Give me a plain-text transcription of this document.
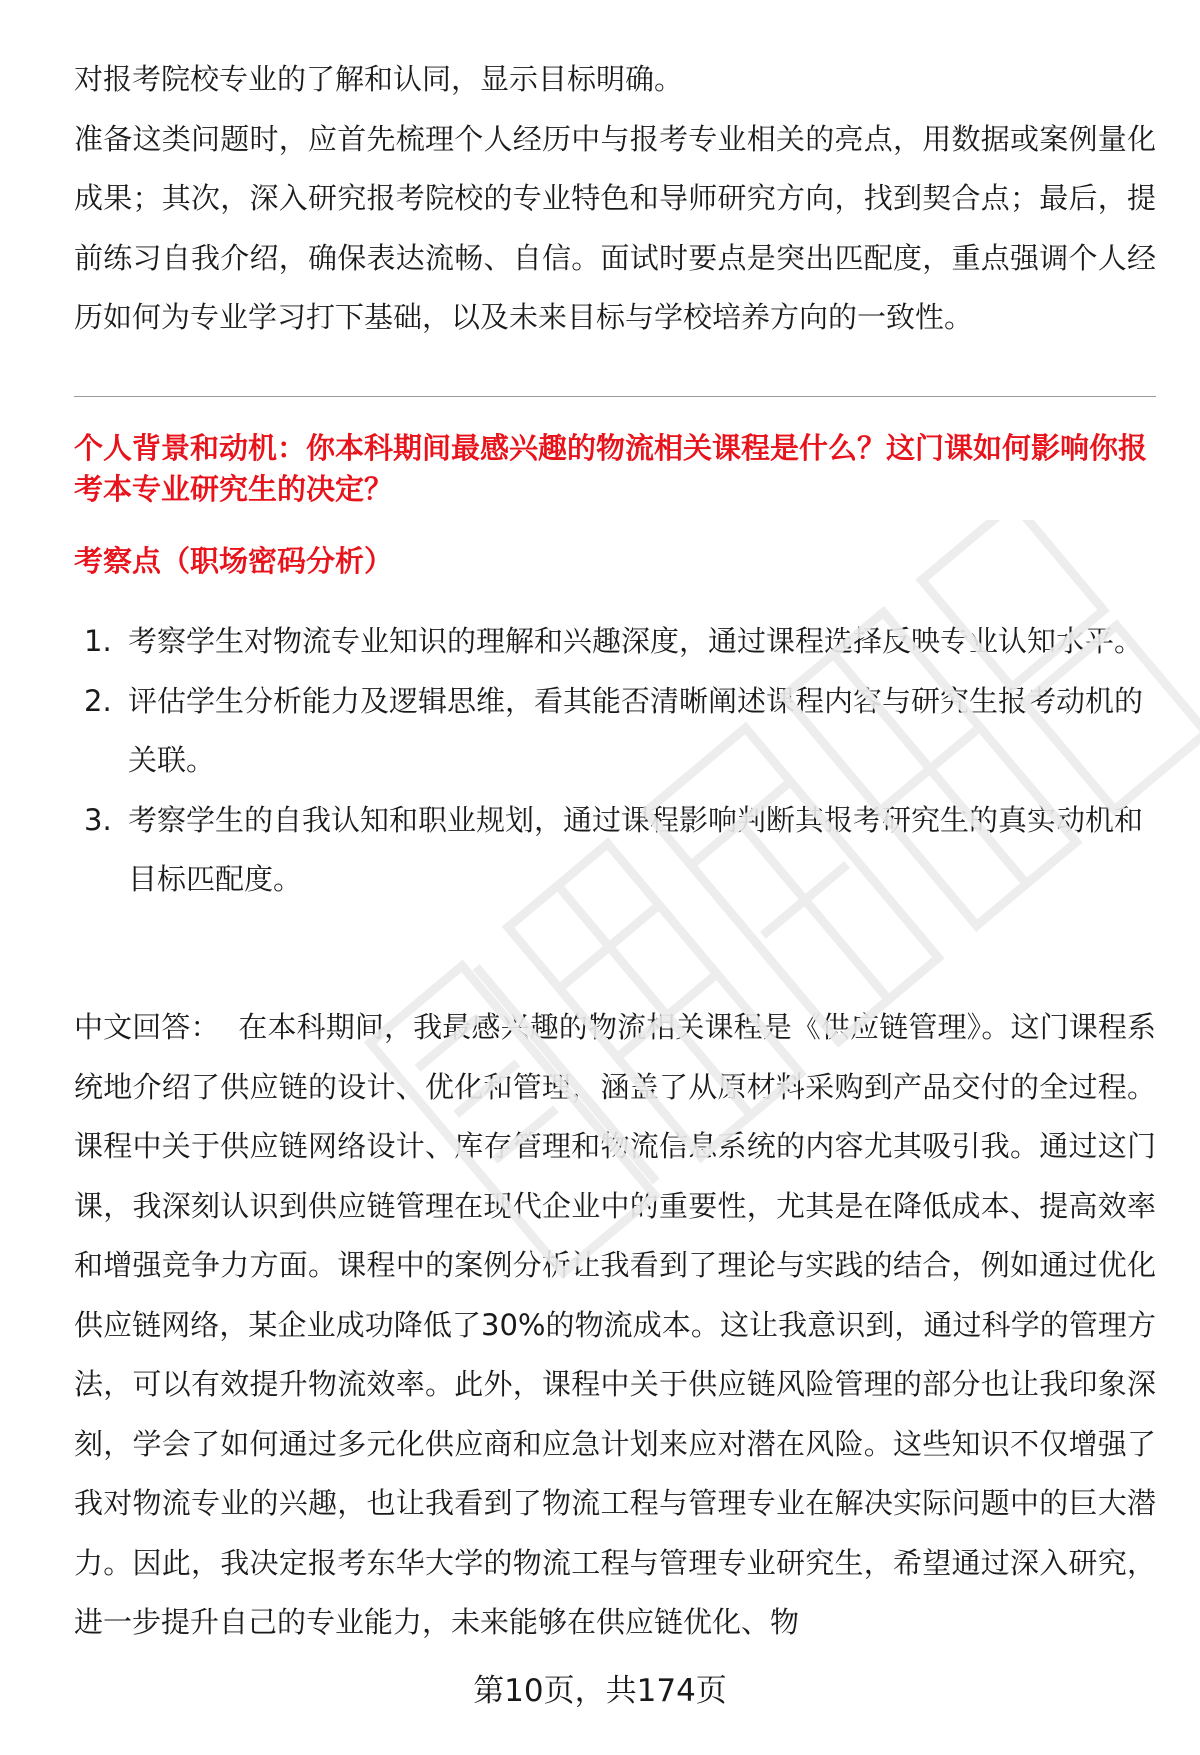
对报考院校专业的了解和认同，显示目标明确。

准备这类问题时，应首先梳理个人经历中与报考专业相关的亮点，用数据或案例量化成果；其次，深入研究报考院校的专业特色和导师研究方向，找到契合点；最后，提前练习自我介绍，确保表达流畅、自信。面试时要点是突出匹配度，重点强调个人经历如何为专业学习打下基础，以及未来目标与学校培养方向的一致性。

个人背景和动机：你本科期间最感兴趣的物流相关课程是什么？这门课如何影响你报考本专业研究生的决定？

考察点（职场密码分析）

1. 考察学生对物流专业知识的理解和兴趣深度，通过课程选择反映专业认知水平。
2. 评估学生分析能力及逻辑思维，看其能否清晰阐述课程内容与研究生报考动机的关联。
3. 考察学生的自我认知和职业规划，通过课程影响判断其报考研究生的真实动机和目标匹配度。

中文回答： 在本科期间，我最感兴趣的物流相关课程是《供应链管理》。这门课程系统地介绍了供应链的设计、优化和管理，涵盖了从原材料采购到产品交付的全过程。课程中关于供应链网络设计、库存管理和物流信息系统的内容尤其吸引我。通过这门课，我深刻认识到供应链管理在现代企业中的重要性，尤其是在降低成本、提高效率和增强竞争力方面。课程中的案例分析让我看到了理论与实践的结合，例如通过优化供应链网络，某企业成功降低了30%的物流成本。这让我意识到，通过科学的管理方法，可以有效提升物流效率。此外，课程中关于供应链风险管理的部分也让我印象深刻，学会了如何通过多元化供应商和应急计划来应对潜在风险。这些知识不仅增强了我对物流专业的兴趣，也让我看到了物流工程与管理专业在解决实际问题中的巨大潜力。因此，我决定报考东华大学的物流工程与管理专业研究生，希望通过深入研究，进一步提升自己的专业能力，未来能够在供应链优化、物

第10页，共174页
